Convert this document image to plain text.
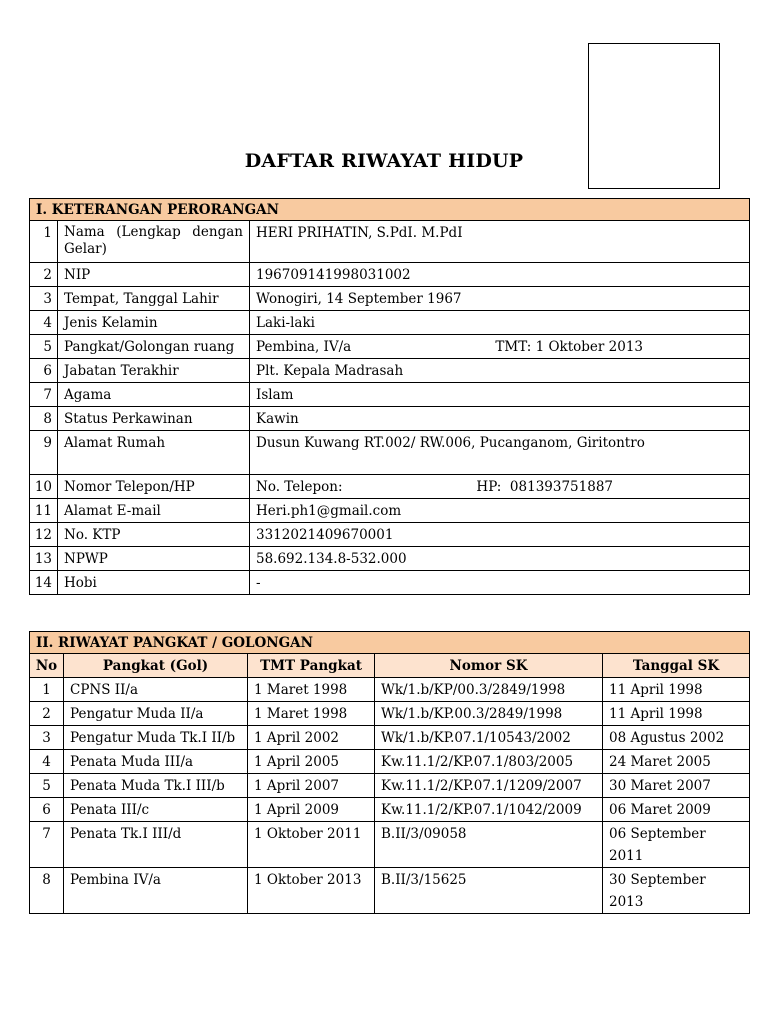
DAFTAR RIWAYAT HIDUP
I. KETERANGAN PERORANGAN		
1	Nama (Lengkap dengan Gelar)	HERI PRIHATIN, S.PdI. M.PdI
2	NIP	196709141998031002
3	Tempat, Tanggal Lahir	Wonogiri, 14 September 1967
4	Jenis Kelamin	Laki-laki
5	Pangkat/Golongan ruang	Pembina, IV/a TMT: 1 Oktober 2013

6	Jabatan Terakhir	Plt. Kepala Madrasah
7	Agama	Islam
8	Status Perkawinan	Kawin
9	Alamat Rumah	Dusun Kuwang RT.002/ RW.006, Pucanganom, Giritontro
10	Nomor Telepon/HP	No. Telepon: HP:  081393751887

11	Alamat E-mail	Heri.ph1@gmail.com
12	No. KTP	3312021409670001
13	NPWP	58.692.134.8-532.000
14	Hobi	-
II. RIWAYAT PANGKAT / GOLONGAN				
No	Pangkat (Gol)	TMT Pangkat	Nomor SK	Tanggal SK
1	CPNS II/a	1 Maret 1998	Wk/1.b/KP/00.3/2849/1998	11 April 1998
2	Pengatur Muda II/a	1 Maret 1998	Wk/1.b/KP.00.3/2849/1998	11 April 1998
3	Pengatur Muda Tk.I II/b	1 April 2002	Wk/1.b/KP.07.1/10543/2002	08 Agustus 2002
4	Penata Muda III/a	1 April 2005	Kw.11.1/2/KP.07.1/803/2005	24 Maret 2005
5	Penata Muda Tk.I III/b	1 April 2007	Kw.11.1/2/KP.07.1/1209/2007	30 Maret 2007
6	Penata III/c	1 April 2009	Kw.11.1/2/KP.07.1/1042/2009	06 Maret 2009
7	Penata Tk.I III/d	1 Oktober 2011	B.II/3/09058	06 September 2011
8	Pembina IV/a	1 Oktober 2013	B.II/3/15625	30 September 2013
